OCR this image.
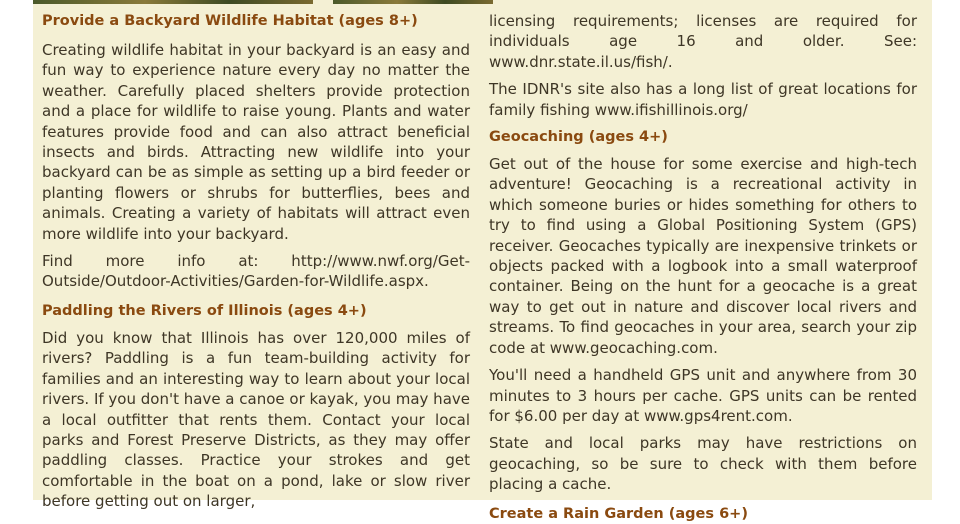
Provide a Backyard Wildlife Habitat (ages 8+)

Creating wildlife habitat in your backyard is an easy and fun way to experience nature every day no matter the weather. Carefully placed shelters provide protection and a place for wildlife to raise young. Plants and water features provide food and can also attract beneficial insects and birds. Attracting new wildlife into your backyard can be as simple as setting up a bird feeder or planting flowers or shrubs for butterflies, bees and animals. Creating a variety of habitats will attract even more wildlife into your backyard.

Find more info at: http://www.nwf.org/Get-Outside/Outdoor-Activities/Garden-for-Wildlife.aspx.

Paddling the Rivers of Illinois (ages 4+)

Did you know that Illinois has over 120,000 miles of rivers? Paddling is a fun team-building activity for families and an interesting way to learn about your local rivers. If you don't have a canoe or kayak, you may have a local outfitter that rents them. Contact your local parks and Forest Preserve Districts, as they may offer paddling classes. Practice your strokes and get comfortable in the boat on a pond, lake or slow river before getting out on larger,

licensing requirements; licenses are required for individuals age 16 and older. See: www.dnr.state.il.us/fish/.

The IDNR's site also has a long list of great locations for family fishing www.ifishillinois.org/

Geocaching (ages 4+)

Get out of the house for some exercise and high-tech adventure! Geocaching is a recreational activity in which someone buries or hides something for others to try to find using a Global Positioning System (GPS) receiver. Geocaches typically are inexpensive trinkets or objects packed with a logbook into a small waterproof container. Being on the hunt for a geocache is a great way to get out in nature and discover local rivers and streams. To find geocaches in your area, search your zip code at www.geocaching.com.

You'll need a handheld GPS unit and anywhere from 30 minutes to 3 hours per cache. GPS units can be rented for $6.00 per day at www.gps4rent.com.

State and local parks may have restrictions on geocaching, so be sure to check with them before placing a cache.

Create a Rain Garden (ages 6+)
